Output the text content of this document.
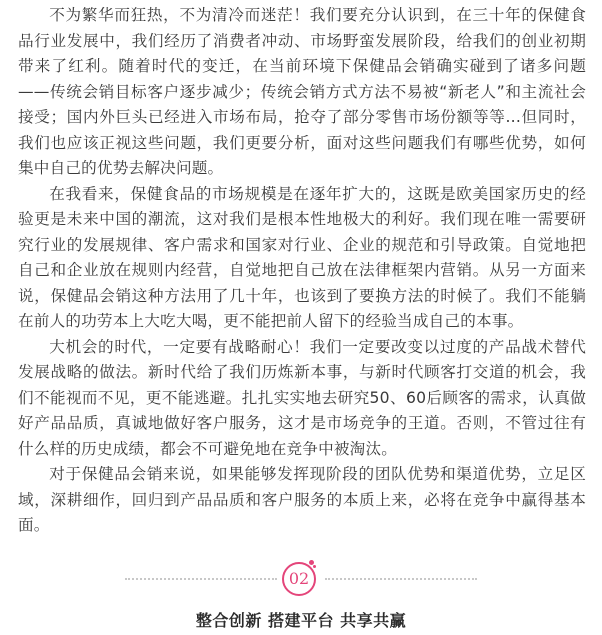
不为繁华而狂热，不为清冷而迷茫！我们要充分认识到，在三十年的保健食品行业发展中，我们经历了消费者冲动、市场野蛮发展阶段，给我们的创业初期带来了红利。随着时代的变迁，在当前环境下保健品会销确实碰到了诸多问题——传统会销目标客户逐步减少；传统会销方式方法不易被“新老人”和主流社会接受；国内外巨头已经进入市场布局，抢夺了部分零售市场份额等等...但同时，我们也应该正视这些问题，我们更要分析，面对这些问题我们有哪些优势，如何集中自己的优势去解决问题。

在我看来，保健食品的市场规模是在逐年扩大的，这既是欧美国家历史的经验更是未来中国的潮流，这对我们是根本性地极大的利好。我们现在唯一需要研究行业的发展规律、客户需求和国家对行业、企业的规范和引导政策。自觉地把自己和企业放在规则内经营，自觉地把自己放在法律框架内营销。从另一方面来说，保健品会销这种方法用了几十年，也该到了要换方法的时候了。我们不能躺在前人的功劳本上大吃大喝，更不能把前人留下的经验当成自己的本事。

大机会的时代，一定要有战略耐心！我们一定要改变以过度的产品战术替代发展战略的做法。新时代给了我们历炼新本事，与新时代顾客打交道的机会，我们不能视而不见，更不能逃避。扎扎实实地去研究50、60后顾客的需求，认真做好产品品质，真诚地做好客户服务，这才是市场竞争的王道。否则，不管过往有什么样的历史成绩，都会不可避免地在竞争中被淘汰。

对于保健品会销来说，如果能够发挥现阶段的团队优势和渠道优势，立足区域，深耕细作，回归到产品品质和客户服务的本质上来，必将在竞争中赢得基本面。

02
整合创新 搭建平台 共享共赢
